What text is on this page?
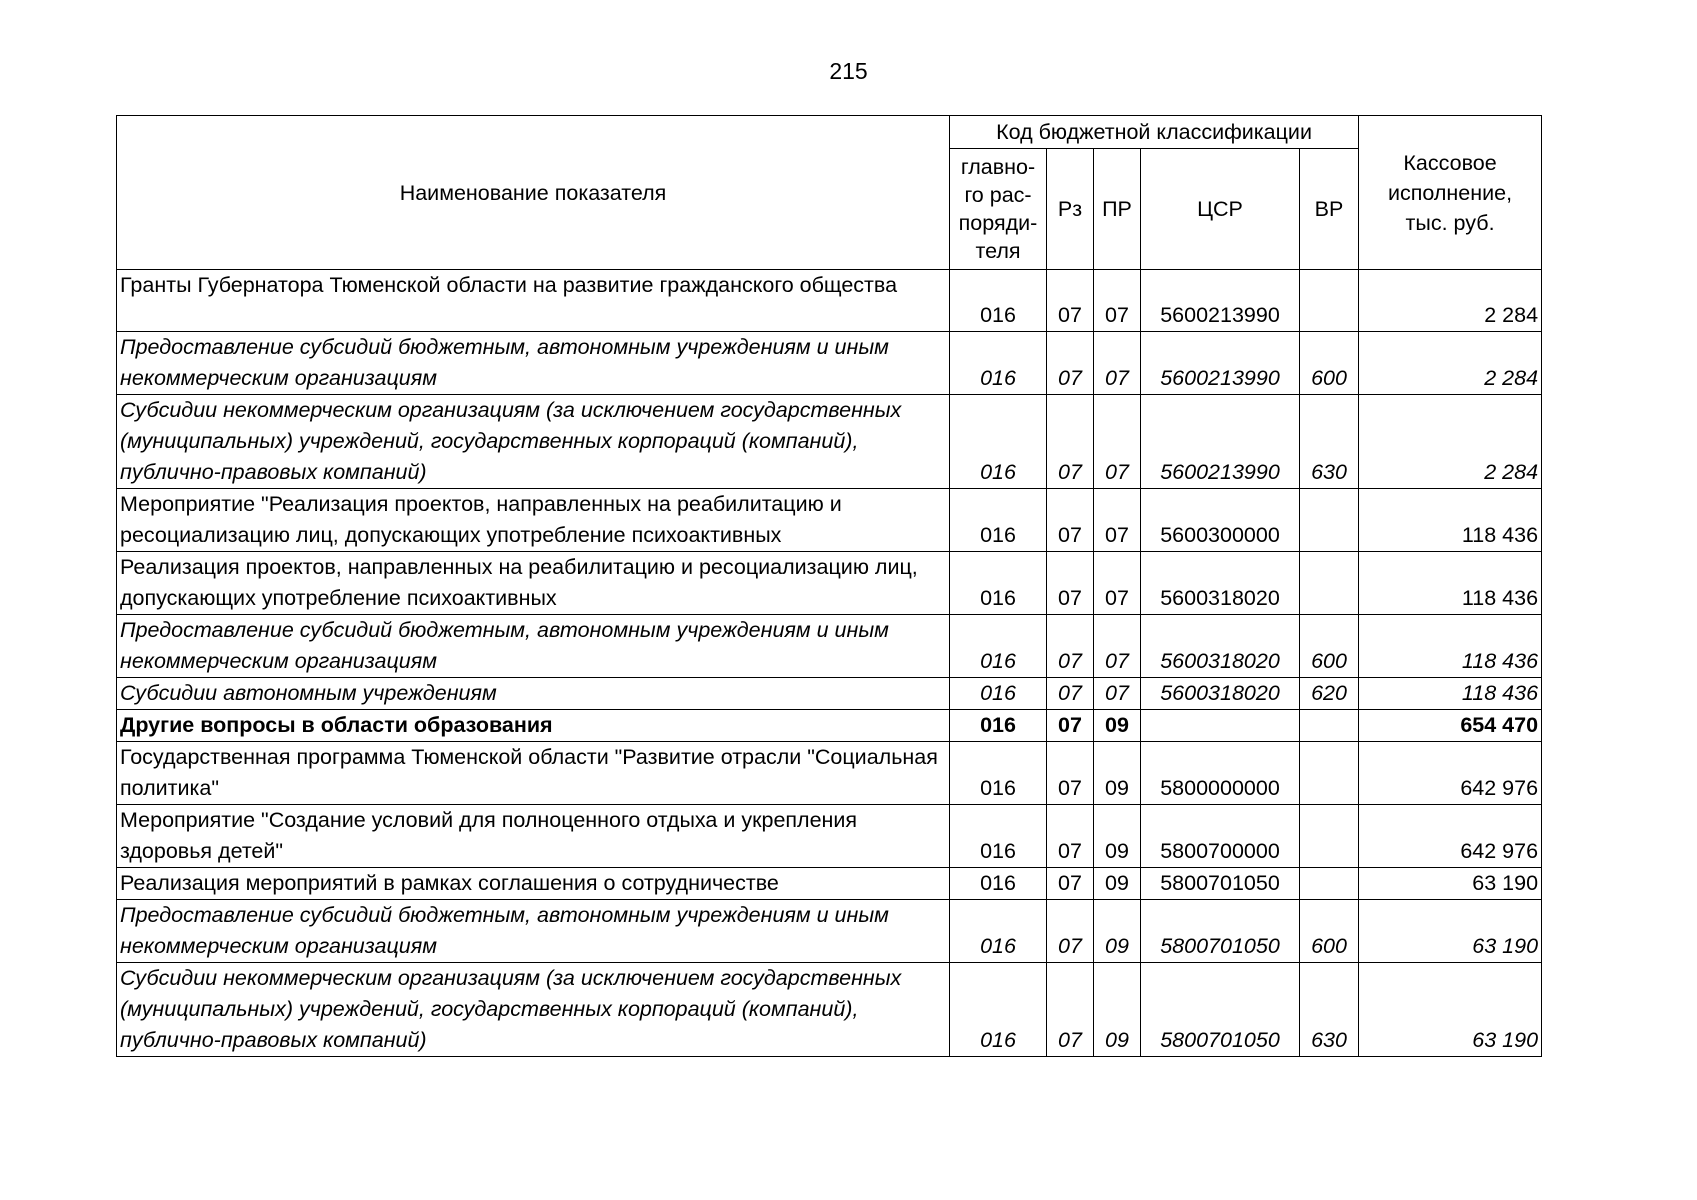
215
Наименование показателя	Код бюджетной классификации					Кассовое исполнение, тыс. руб.
	главно-
го рас-
поряди-
теля	Рз	ПР	ЦСР	ВР	
Гранты Губернатора Тюменской области на развитие гражданского общества	016	07	07	5600213990		2 284
Предоставление субсидий бюджетным, автономным учреждениям и иным некоммерческим организациям	016	07	07	5600213990	600	2 284
Субсидии некоммерческим организациям (за исключением государственных (муниципальных) учреждений, государственных корпораций (компаний), публично-правовых компаний)	016	07	07	5600213990	630	2 284
Мероприятие "Реализация проектов, направленных на реабилитацию и ресоциализацию лиц, допускающих употребление психоактивных	016	07	07	5600300000		118 436
Реализация проектов, направленных на реабилитацию и ресоциализацию лиц, допускающих употребление психоактивных	016	07	07	5600318020		118 436
Предоставление субсидий бюджетным, автономным учреждениям и иным некоммерческим организациям	016	07	07	5600318020	600	118 436
Субсидии автономным учреждениям	016	07	07	5600318020	620	118 436
Другие вопросы в области образования	016	07	09			654 470
Государственная программа Тюменской области "Развитие отрасли "Социальная политика"	016	07	09	5800000000		642 976
Мероприятие "Создание условий для полноценного отдыха и укрепления здоровья детей"	016	07	09	5800700000		642 976
Реализация мероприятий в рамках соглашения о сотрудничестве	016	07	09	5800701050		63 190
Предоставление субсидий бюджетным, автономным учреждениям и иным некоммерческим организациям	016	07	09	5800701050	600	63 190
Субсидии некоммерческим организациям (за исключением государственных (муниципальных) учреждений, государственных корпораций (компаний), публично-правовых компаний)	016	07	09	5800701050	630	63 190
